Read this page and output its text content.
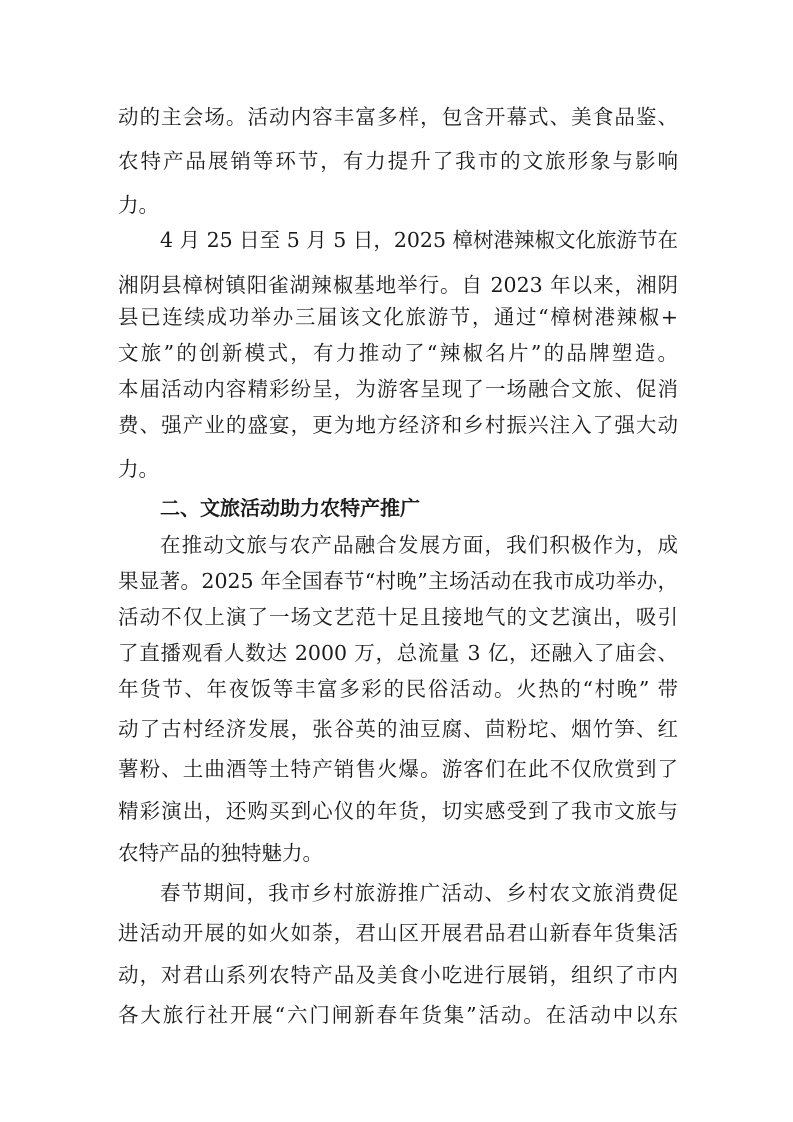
动的主会场。活动内容丰富多样，包含开幕式、美食品鉴、
农特产品展销等环节，有力提升了我市的文旅形象与影响
力。
4 月 25 日至 5 月 5 日，2025 樟树港辣椒文化旅游节在
湘阴县樟树镇阳雀湖辣椒基地举行。自 2023 年以来，湘阴
县已连续成功举办三届该文化旅游节，通过“樟树港辣椒+
文旅”的创新模式，有力推动了“辣椒名片”的品牌塑造。
本届活动内容精彩纷呈，为游客呈现了一场融合文旅、促消
费、强产业的盛宴，更为地方经济和乡村振兴注入了强大动
力。
二、文旅活动助力农特产推广
在推动文旅与农产品融合发展方面，我们积极作为，成
果显著。2025 年全国春节“村晚”主场活动在我市成功举办，
活动不仅上演了一场文艺范十足且接地气的文艺演出，吸引
了直播观看人数达 2000 万，总流量 3 亿，还融入了庙会、
年货节、年夜饭等丰富多彩的民俗活动。火热的“村晚” 带
动了古村经济发展，张谷英的油豆腐、茴粉坨、烟竹笋、红
薯粉、土曲酒等土特产销售火爆。游客们在此不仅欣赏到了
精彩演出，还购买到心仪的年货，切实感受到了我市文旅与
农特产品的独特魅力。
春节期间，我市乡村旅游推广活动、乡村农文旅消费促
进活动开展的如火如荼，君山区开展君品君山新春年货集活
动，对君山系列农特产品及美食小吃进行展销，组织了市内
各大旅行社开展“六门闸新春年货集”活动。在活动中以东
